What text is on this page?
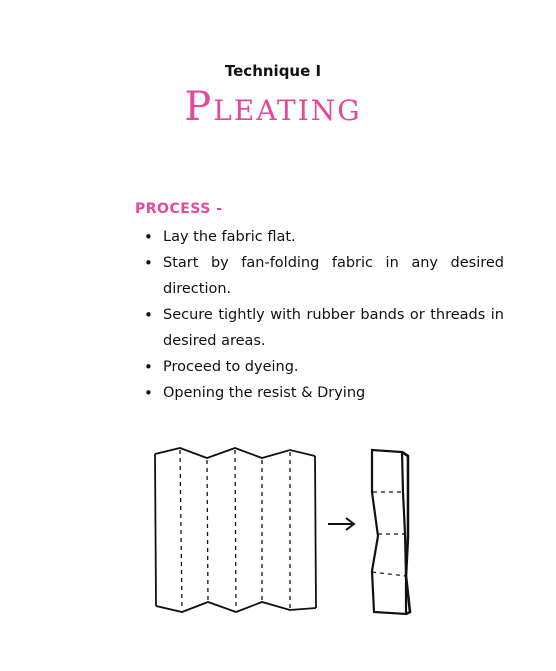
Technique I
Pleating
PROCESS -
• Lay the fabric flat.
• Start by fan-folding fabric in any desired direction.
• Secure tightly with rubber bands or threads in desired areas.
• Proceed to dyeing.
• Opening the resist & Drying
